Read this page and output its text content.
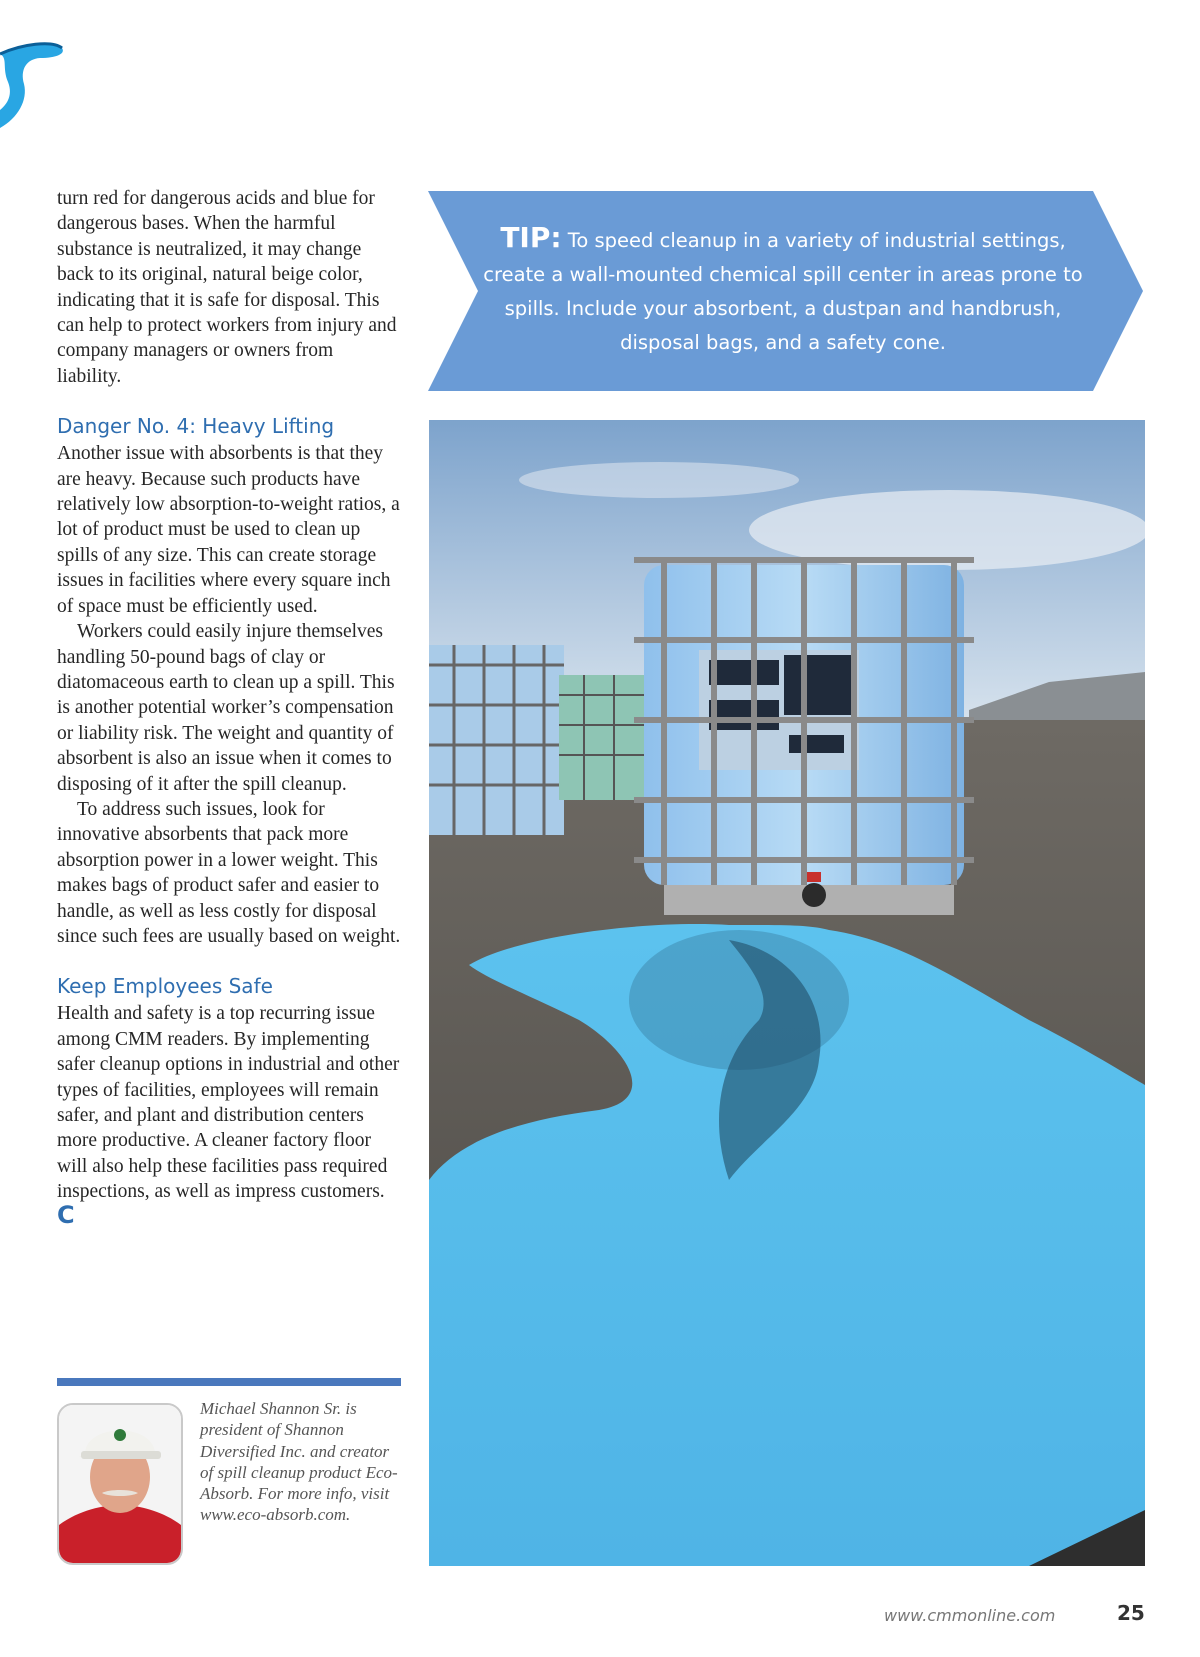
turn red for dangerous acids and blue for dangerous bases. When the harmful substance is neutralized, it may change back to its original, natural beige color, indicating that it is safe for disposal. This can help to protect workers from injury and company managers or owners from liability.

Danger No. 4: Heavy Lifting

Another issue with absorbents is that they are heavy. Because such products have relatively low absorption-to-weight ratios, a lot of product must be used to clean up spills of any size. This can create storage issues in facilities where every square inch of space must be efficiently used.

Workers could easily injure themselves handling 50-pound bags of clay or diatomaceous earth to clean up a spill. This is another potential worker’s compensation or liability risk. The weight and quantity of absorbent is also an issue when it comes to disposing of it after the spill cleanup.

To address such issues, look for innovative absorbents that pack more absorption power in a lower weight. This makes bags of product safer and easier to handle, as well as less costly for disposal since such fees are usually based on weight.

Keep Employees Safe

Health and safety is a top recurring issue among CMM readers. By implementing safer cleanup options in industrial and other types of facilities, employees will remain safer, and plant and distribution centers more productive. A cleaner factory floor will also help these facilities pass required inspections, as well as impress customers. C

TIP: To speed cleanup in a variety of industrial settings, create a wall-mounted chemical spill center in areas prone to spills. Include your absorbent, a dustpan and handbrush, disposal bags, and a safety cone.
Michael Shannon Sr. is president of Shannon Diversified Inc. and creator of spill cleanup product Eco-Absorb. For more info, visit www.eco-absorb.com.
www.cmmonline.com	25
